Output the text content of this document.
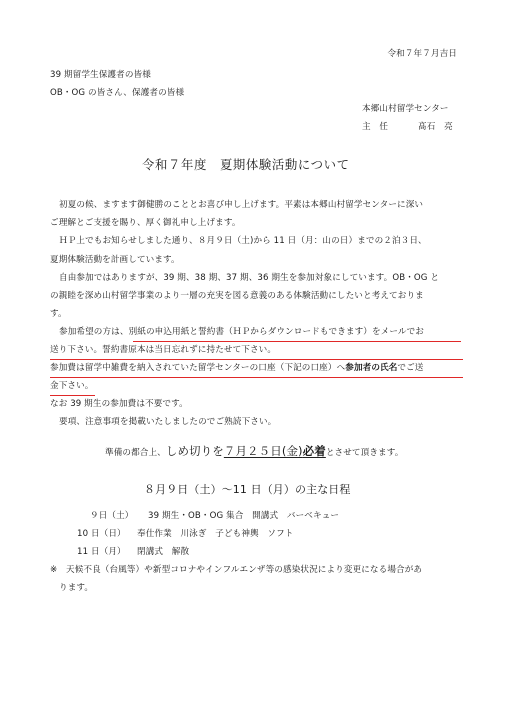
令和７年７月吉日
39 期留学生保護者の皆様
OB・OG の皆さん、保護者の皆様
本郷山村留学センター
主　任	髙石　亮
令和７年度　夏期体験活動について
初夏の候、ますます御健勝のこととお喜び申し上げます。平素は本郷山村留学センターに深い
ご理解とご支援を賜り、厚く御礼申し上げます。
ＨＰ上でもお知らせしました通り、８月９日（土)から 11 日（月：山の日）までの２泊３日、
夏期体験活動を計画しています。
自由参加ではありますが、39 期、38 期、37 期、36 期生を参加対象にしています。OB・OG と
の親睦を深め山村留学事業のより一層の充実を図る意義のある体験活動にしたいと考えておりま
す。
参加希望の方は、別紙の申込用紙と誓約書（ＨＰからダウンロードもできます）をメールでお
送り下さい。誓約書原本は当日忘れずに持たせて下さい。
参加費は留学中雑費を納入されていた留学センターの口座（下記の口座）へ参加者の氏名でご送
金下さい。
なお 39 期生の参加費は不要です。
要項、注意事項を掲載いたしましたのでご熟読下さい。
準備の都合上、しめ切りを７月２５日(金)必着とさせて頂きます。
８月９日（土）～11 日（月）の主な日程
９日（土） 39 期生・OB・OG 集合　開講式　バーベキュー
10 日（日） 奉仕作業　川泳ぎ　子ども神輿　ソフト
11 日（月） 閉講式　解散
※　天候不良（台風等）や新型コロナやインフルエンザ等の感染状況により変更になる場合があ
ります。
